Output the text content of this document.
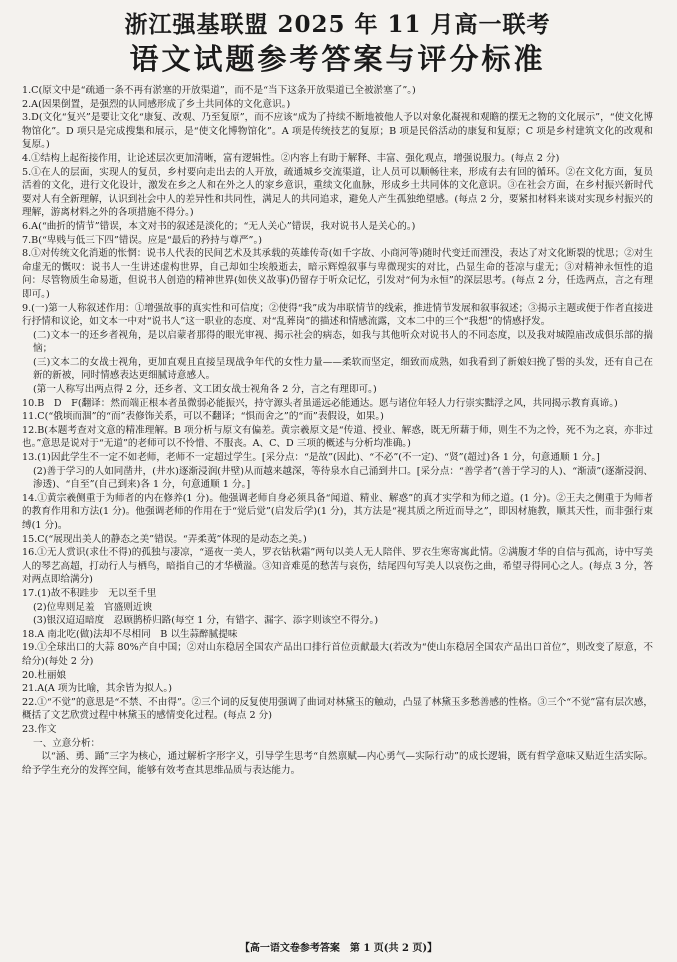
浙江强基联盟 2025 年 11 月高一联考
语文试题参考答案与评分标准

1.C(原文中是“疏通一条不再有淤塞的开放渠道”，而不是“当下这条开放渠道已全被淤塞了”。)

2.A(因果倒置，是强烈的认同感形成了乡土共同体的文化意识。)

3.D(文化“复兴”是要让文化“康复、改观、乃至复原”，而不应该“成为了持续不断地被他人予以对象化凝视和观瞻的摆无之物的文化展示”，“使文化博物馆化”。D 项只是完成搜集和展示，是“使文化博物馆化”。A 项是传统技艺的复原；B 项是民俗活动的康复和复原；C 项是乡村建筑文化的改观和复原。)

4.①结构上起衔接作用，让论述层次更加清晰，富有逻辑性。②内容上有助于解释、丰富、强化观点，增强说服力。(每点 2 分)

5.①在人的层面，实现人的复员，乡村要向走出去的人开放，疏通城乡交流渠道，让人员可以顺畅往来，形成有去有回的循环。②在文化方面，复员活着的文化，进行文化设计，激发在乡之人和在外之人的家乡意识，重续文化血脉，形成乡土共同体的文化意识。③在社会方面，在乡村振兴新时代要对人有全新理解，认识到社会中人的差异性和共同性，满足人的共同追求，避免人产生孤独绝望感。(每点 2 分，要紧扣材料来谈对实现乡村振兴的理解，游离材料之外的各项措施不得分。)

6.A(“曲折的情节”错误，本文对书的叙述是淡化的；“无人关心”错误，我对说书人是关心的。)

7.B(“卑贱与低三下四”错误。应是“最后的矜持与尊严”。)

8.①对传统文化消逝的怅惘：说书人代表的民间艺术及其承载的英雄传奇(如千字故、小商河等)随时代变迁而湮没，表达了对文化断裂的忧思；②对生命虚无的慨叹：说书人一生讲述虚构世界，自己却如尘埃般逝去，暗示辉煌叙事与卑微现实的对比，凸显生命的苍凉与虚无；③对精神永恒性的追问：尽管物质生命易逝，但说书人创造的精神世界(如侠义故事)仍留存于听众记忆，引发对“何为永恒”的深层思考。(每点 2 分，任选两点，言之有理即可。)

9.(一)第一人称叙述作用：①增强故事的真实性和可信度；②使得“我”成为串联情节的线索，推进情节发展和叙事叙述；③揭示主题或便于作者直接进行抒情和议论，如文本一中对“说书人”这一职业的态度、对“乱葬岗”的描述和情感流露，文本二中的三个“我想”的情感抒发。

(二)文本一的还乡者视角，是以启蒙者那得的眼光审视、揭示社会的病态，如我与其他听众对说书人的不同态度，以及我对城隍庙改成俱乐部的揣恼；

(三)文本二的女战士视角，更加直观且直接呈现战争年代的女性力量——柔软而坚定，细致而成熟，如我看到了新娘妇挽了髻的头发，还有自己在新的新被，同时情感表达更细腻诗意感人。

(第一人称写出两点得 2 分，还乡者、文工团女战士视角各 2 分，言之有理即可。)

10.B　D　F(翻译：然而端正根本者虽微弱必能振兴，持守源头者虽遥远必能通达。愿与诸位年轻人力行崇实黜浮之风，共同揭示教育真谛。)

11.C(“俄顷而涸”的“而”表修饰关系，可以不翻译；“惧而舍之”的“而”表假设，如果。)

12.B(本题考查对文意的精准理解。B 项分析与原文有偏差。黄宗羲原文是“传道、授业、解惑，既无所藉于师，则生不为之怜，死不为之哀，亦非过也。”意思是说对于“无道”的老师可以不怜惜、不服丧。A、C、D 三项的概述与分析均准确。)

13.(1)因此学生不一定不如老师，老师不一定超过学生。[采分点：“是故”(因此)、“不必”(不一定)、“贤”(超过)各 1 分，句意通顺 1 分。]

(2)善于学习的人如同凿井，(井水)逐渐浸润(井壁)从而越来越深，等待泉水自己涌到井口。[采分点：“善学者”(善于学习的人)、“渐渍”(逐渐浸润、渗透)、“自至”(自己到来)各 1 分，句意通顺 1 分。]

14.①黄宗羲侧重于为师者的内在修养(1 分)。他强调老师自身必须具备“闻道、精业、解惑”的真才实学和为师之道。(1 分)。②王夫之侧重于为师者的教育作用和方法(1 分)。他强调老师的作用在于“觉后觉”(启发后学)(1 分)，其方法是“视其质之所近而导之”，即因材施教，顺其天性，而非强行束缚(1 分)。

15.C(“展现出美人的静态之美”错误。“弄柔荑”体现的是动态之美。)

16.①无人赏识(求仕不得)的孤独与凄凉，“遥夜一美人，罗衣钻秋霜”两句以美人无人陪伴、罗衣生寒寄寓此情。②满腹才华的自信与孤高，诗中写美人的琴艺高超，打动行人与栖鸟，暗指自己的才华横溢。③知音难觅的愁苦与哀伤，结尾四句写美人以哀伤之曲，希望寻得同心之人。(每点 3 分，答对两点即给满分)

17.(1)故不积跬步　无以至千里

(2)位卑则足羞　官盛则近谀

(3)银汉迢迢暗度　忍顾鹊桥归路(每空 1 分，有错字、漏字、添字则该空不得分。)

18.A 南北吃(做)法却不尽相同　B 以生蒜醉腻提味

19.①全球出口的大蒜 80%产自中国；②对山东稳居全国农产品出口排行首位贡献最大(若改为“使山东稳居全国农产品出口首位”，则改变了原意，不给分)(每处 2 分)

20.杜丽娘

21.A(A 项为比喻，其余皆为拟人。)

22.①“不觉”的意思是“不禁、不由得”。②三个词的反复使用强调了曲词对林黛玉的触动，凸显了林黛玉多愁善感的性格。③三个“不觉”富有层次感，概括了文艺欣赏过程中林黛玉的感情变化过程。(每点 2 分)

23.作文

一、立意分析：

以“涵、勇、踊”三字为核心，通过解析字形字义，引导学生思考“自然禀赋—内心勇气—实际行动”的成长逻辑，既有哲学意味又贴近生活实际。给予学生充分的发挥空间，能够有效考查其思维品质与表达能力。

【高一语文卷参考答案　第 1 页(共 2 页)】
